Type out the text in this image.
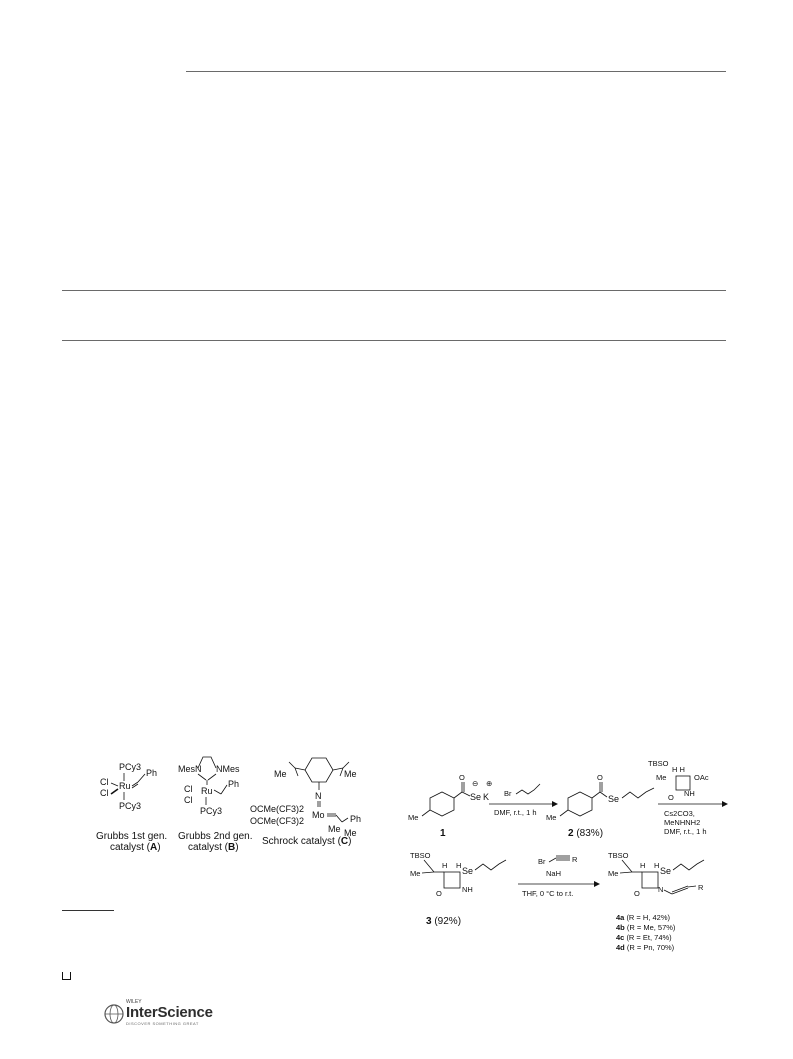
PCy3
Ph
Cl Ru
Cl
PCy3
MesN NMes
Ru
Cl
Cl
Ph
PCy3
Me	Me
N
OCMe(CF3)2
OCMe(CF3)2
Mo	Ph
Me Me
Grubbs 1st gen.
catalyst (A)
Grubbs 2nd gen.
catalyst (B)
Schrock catalyst (C)
O
Se
⊖
K
⊕
Me
1
Br
DMF, r.t., 1 h
O
Se
Me
2 (83%)
TBSO
H H
Me	OAc
NH
O
Cs2CO3,
MeNHNH2
DMF, r.t., 1 h
TBSO
Me
H H
Se
O	NH
3 (92%)
Br	R
NaH
THF, 0 °C to r.t.
TBSO
Me
H H
Se
O N	R
4a (R = H, 42%)
4b (R = Me, 57%)
4c (R = Et, 74%)
4d (R = Pn, 70%)
WILEY
InterScience
DISCOVER SOMETHING GREAT
